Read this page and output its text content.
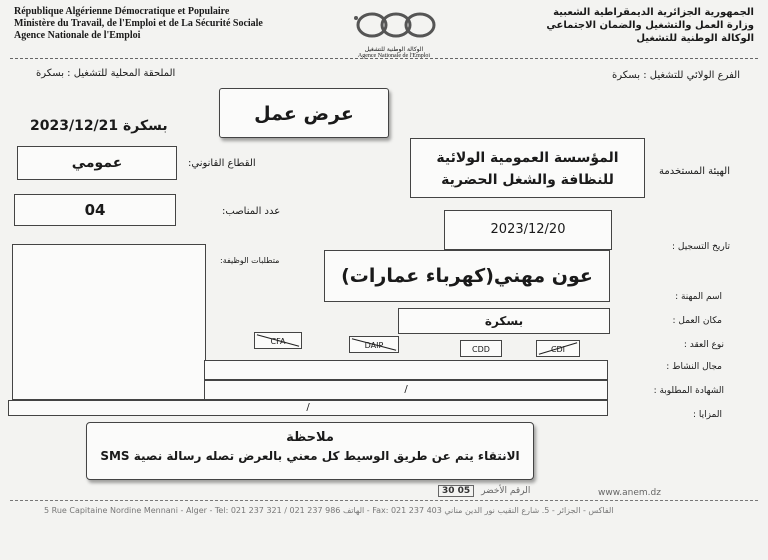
République Algérienne Démocratique et Populaire
Ministère du Travail, de l'Emploi et de La Sécurité Sociale
Agence Nationale de l'Emploi
الوكالة الوطنية للتشغيل
Agence Nationale de l'Emploi
الجمهورية الجزائرية الديمقراطية الشعبية
وزارة العمل والتشغيل والضمان الاجتماعي
الوكالة الوطنية للتشغيل
الملحقة المحلية للتشغيل : بسكرة	الفرع الولائي للتشغيل : بسكرة
عرض عمل
بسكرة 2023/12/21
عمومي	القطاع القانوني:	المؤسسة العمومية الولائية للنظافة والشغل الحضرية
الهيئة المستخدمة
04	عدد المناصب:
2023/12/20
تاريخ التسجيل :
متطلبات الوظيفة:
عون مهني(كهرباء عمارات)
اسم المهنة :
بسكرة	مكان العمل :
CFA	DAIP	CDD	CDI	نوع العقد :
مجال النشاط :
/	الشهادة المطلوبة :
/
المزايا :
ملاحظة
الانتقاء يتم عن طريق الوسيط كل معني بالعرض تصله رسالة نصية SMS
30 05 الرقم الأخضر	www.anem.dz
5 Rue Capitaine Nordine Mennani - Alger - Tel: 021 237 321 / 021 237 986 الهاتف - Fax: 021 237 403 الفاكس - الجزائر - 5. شارع النقيب نور الدين مناني
